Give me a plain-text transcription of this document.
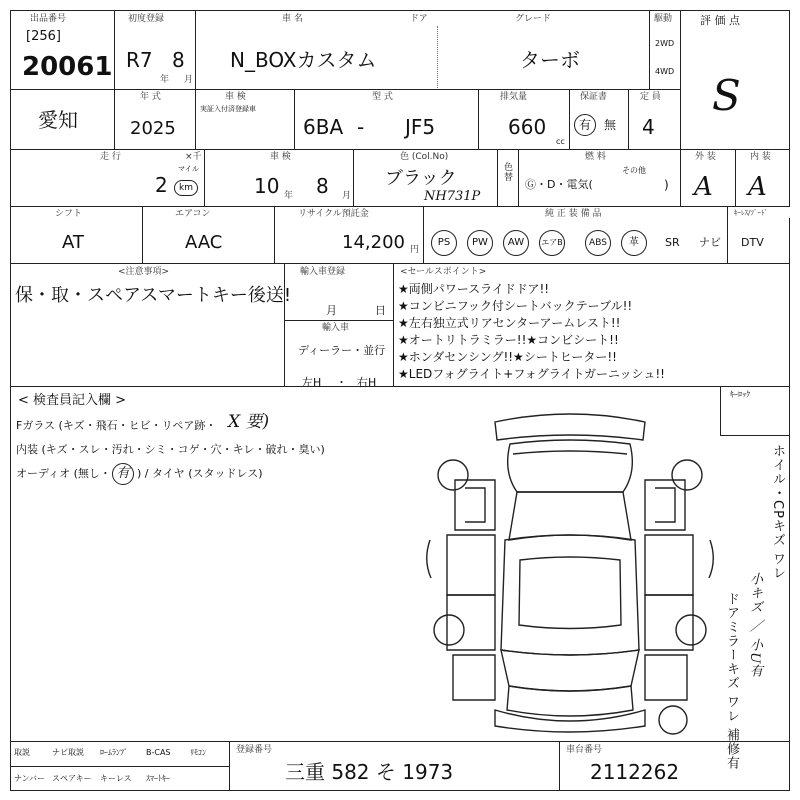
出品番号
[256]
20061
初度登録
R7 8
年 月
車 名	ドア	グレード
N_BOXカスタム	ターボ
駆動
2WD
4WD
評 価 点
S
愛知
年 式
2025
車 検
実証入付済登録車
型 式
6BA - JF5
排気量
660
cc
保証書
有	無
定 員
4
走 行
マイル
×千
2	km
車 検
10 年 8 月
色 (Col.No)
ブラック
NH731P
色替
燃 料
Ⓖ・D・電気(
その他
)
外 装
A
内 装
A
シフト
AT
エアコン
AAC
リサイクル預託金
14,200 円
純 正 装 備 品
PS	PW	AW	エアB	ABS	革	SR ナビ
ｷｰﾚｽ/ﾌﾞｰﾄﾞ
DTV
<注意事項>
保・取・スペアスマートキー後送!
輸入車登録
月	日
輸入車
ディーラー・並行
左H ・ 右H
<セールスポイント>
★両側パワースライドドア!!
★コンビニフック付シートバックテーブル!!
★左右独立式リアセンターアームレスト!!
★オートリトラミラー!!★コンビシート!!
★ホンダセンシング!!★シートヒーター!!
★LEDフォグライト+フォグライトガーニッシュ!!
< 検査員記入欄 >
Fガラス (キズ・飛石・ヒビ・リペア跡・ X 要)
内装 (キズ・スレ・汚れ・シミ・コゲ・穴・キレ・破れ・臭い)
オーディオ (無し・ 有 ) / タイヤ (スタッドレス)
ｷｰﾛｯｸ
ホイル・CPキズ ワレ
小キズ ／ 小U有
ドアミラーキズ ワレ 補修有
取説	ナビ取説 ﾛｰﾑﾗﾝﾌﾟ B-CAS ﾘﾓｺﾝ
ナンバー スペアキー キーレス ｽﾏｰﾄｷｰ
登録番号
三重 582 そ 1973
車台番号
2112262
